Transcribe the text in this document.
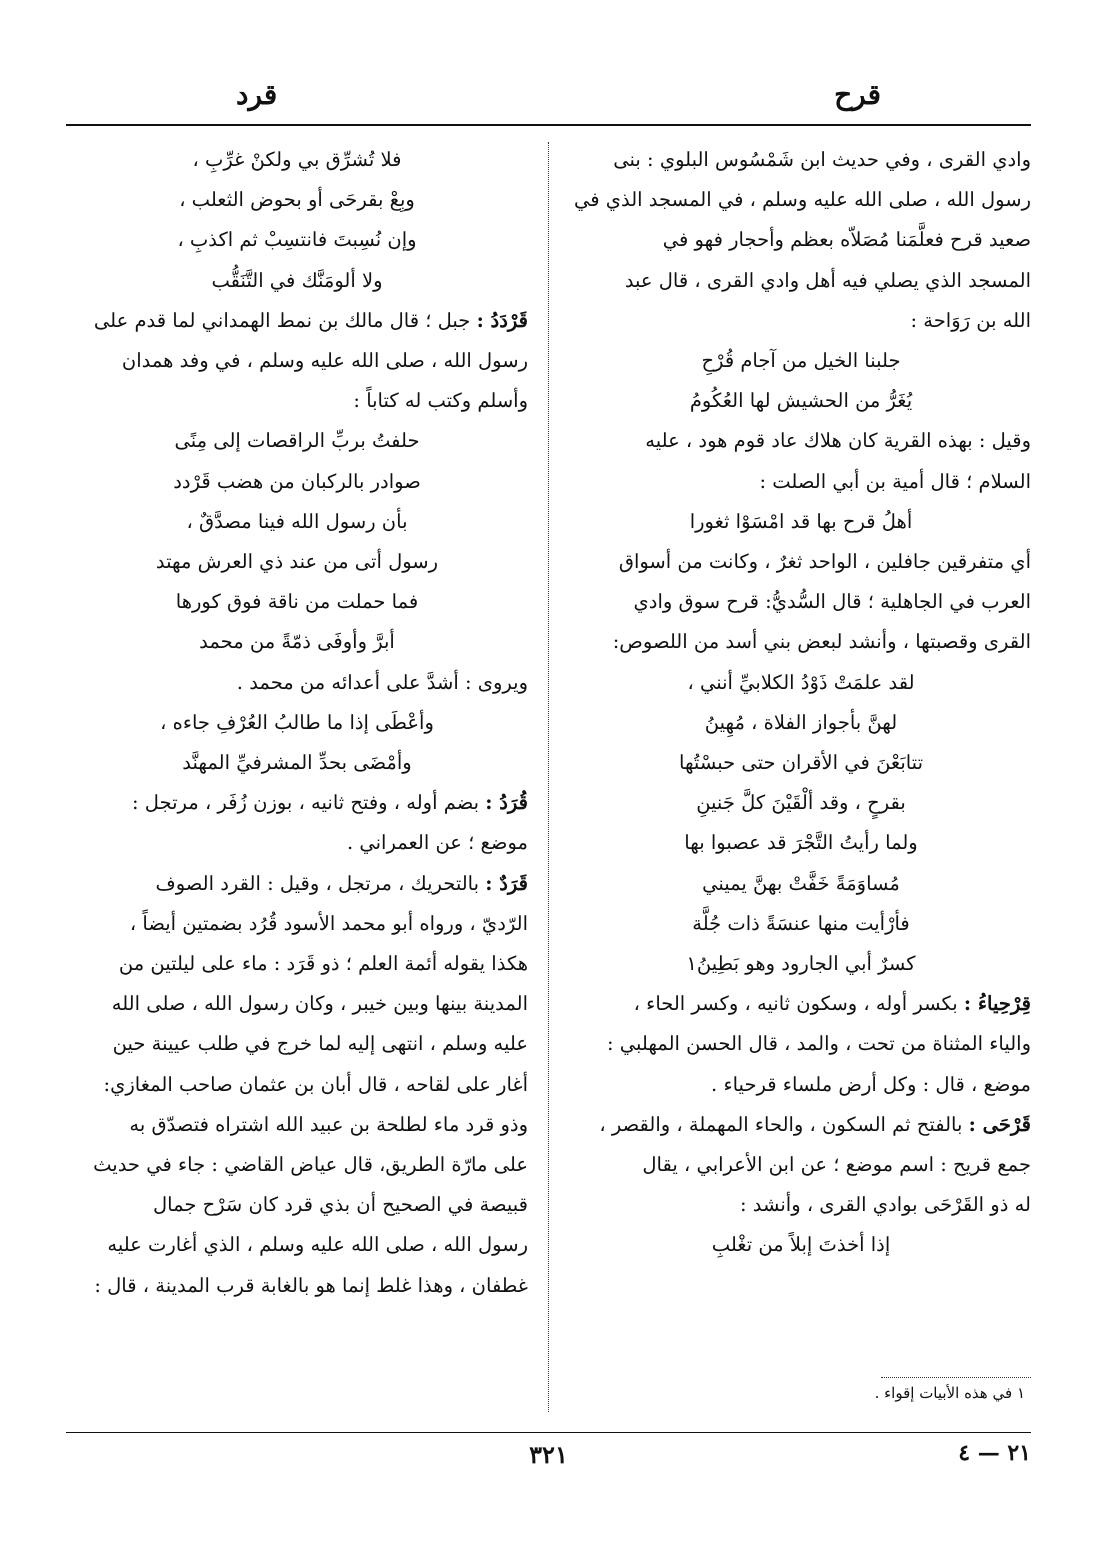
قرح
قرد

وادي القرى ، وفي حديث ابن شَمْسُوس البلوي : بنى

رسول الله ، صلى الله عليه وسلم ، في المسجد الذي في

صعيد قرح فعلَّمَنا مُصَلاّه بعظم وأحجار فهو في

المسجد الذي يصلي فيه أهل وادي القرى ، قال عبد

الله بن رَوَاحة :

جلبنا الخيل من آجام قُرْحِ

يُغَرُّ من الحشيش لها العُكُومُ

وقيل : بهذه القرية كان هلاك عاد قوم هود ، عليه

السلام ؛ قال أمية بن أبي الصلت :

أهلُ قرح بها قد امْسَوْا ثغورا

أي متفرقين جافلين ، الواحد ثغرٌ ، وكانت من أسواق

العرب في الجاهلية ؛ قال السُّديُّ: قرح سوق وادي

القرى وقصبتها ، وأنشد لبعض بني أسد من اللصوص:

لقد علمَتْ ذَوْدُ الكلابيِّ أنني ،

لهنَّ بأجواز الفلاة ، مُهِينُ

تتابَعْنَ في الأقران حتى حبسْتُها

بقرحٍ ، وقد ألْقَيْنَ كلَّ جَنينِ

ولما رأيتُ التَّجْرَ قد عصبوا بها

مُساوَمَةً خَفَّتْ بهنَّ يميني

فأرْأيت منها عنسَةً ذات جُلَّة

كسرٌ أبي الجارود وهو بَطِينُ١

قِرْحِياءُ : بكسر أوله ، وسكون ثانيه ، وكسر الحاء ،

والياء المثناة من تحت ، والمد ، قال الحسن المهلبي :

موضع ، قال : وكل أرض ملساء قرحياء .

قَرْحَى : بالفتح ثم السكون ، والحاء المهملة ، والقصر ،

جمع قريح : اسم موضع ؛ عن ابن الأعرابي ، يقال

له ذو القَرْحَى بوادي القرى ، وأنشد :

إذا أخذتَ إبلاً من تغْلبِ

فلا تُشرِّق بي ولكنْ غرِّبِ ،

وبِعْ بقرحَى أو بحوض الثعلب ،

وإن نُسِبتَ فانتسِبْ ثم اكذبِ ،

ولا ألومَنَّك في التَّنَقُّب

قَرْدَدُ : جبل ؛ قال مالك بن نمط الهمداني لما قدم على

رسول الله ، صلى الله عليه وسلم ، في وفد همدان

وأسلم وكتب له كتاباً :

حلفتُ بربِّ الراقصات إلى مِنًى

صوادر بالركبان من هضب قَرْدد

بأن رسول الله فينا مصدَّقٌ ،

رسول أتى من عند ذي العرش مهتد

فما حملت من ناقة فوق كورها

أبرَّ وأوفَى ذمّةً من محمد

ويروى : أشدَّ على أعدائه من محمد .

وأعْطَى إذا ما طالبُ العُرْفِ جاءه ،

وأمْضَى بحدِّ المشرفيِّ المهنَّد

قُرَدُ : بضم أوله ، وفتح ثانيه ، بوزن زُفَر ، مرتجل :

موضع ؛ عن العمراني .

قَرَدٌ : بالتحريك ، مرتجل ، وقيل : القرد الصوف

الرّديّ ، ورواه أبو محمد الأسود قُرُد بضمتين أيضاً ،

هكذا يقوله أئمة العلم ؛ ذو قَرَد : ماء على ليلتين من

المدينة بينها وبين خيبر ، وكان رسول الله ، صلى الله

عليه وسلم ، انتهى إليه لما خرج في طلب عيينة حين

أغار على لقاحه ، قال أبان بن عثمان صاحب المغازي:

وذو قرد ماء لطلحة بن عبيد الله اشتراه فتصدّق به

على مارّة الطريق، قال عياض القاضي : جاء في حديث

قبيصة في الصحيح أن بذي قرد كان سَرْح جمال

رسول الله ، صلى الله عليه وسلم ، الذي أغارت عليه

غطفان ، وهذا غلط إنما هو بالغابة قرب المدينة ، قال :

١ في هذه الأبيات إقواء .
٣٢١	٢١ — ٤
